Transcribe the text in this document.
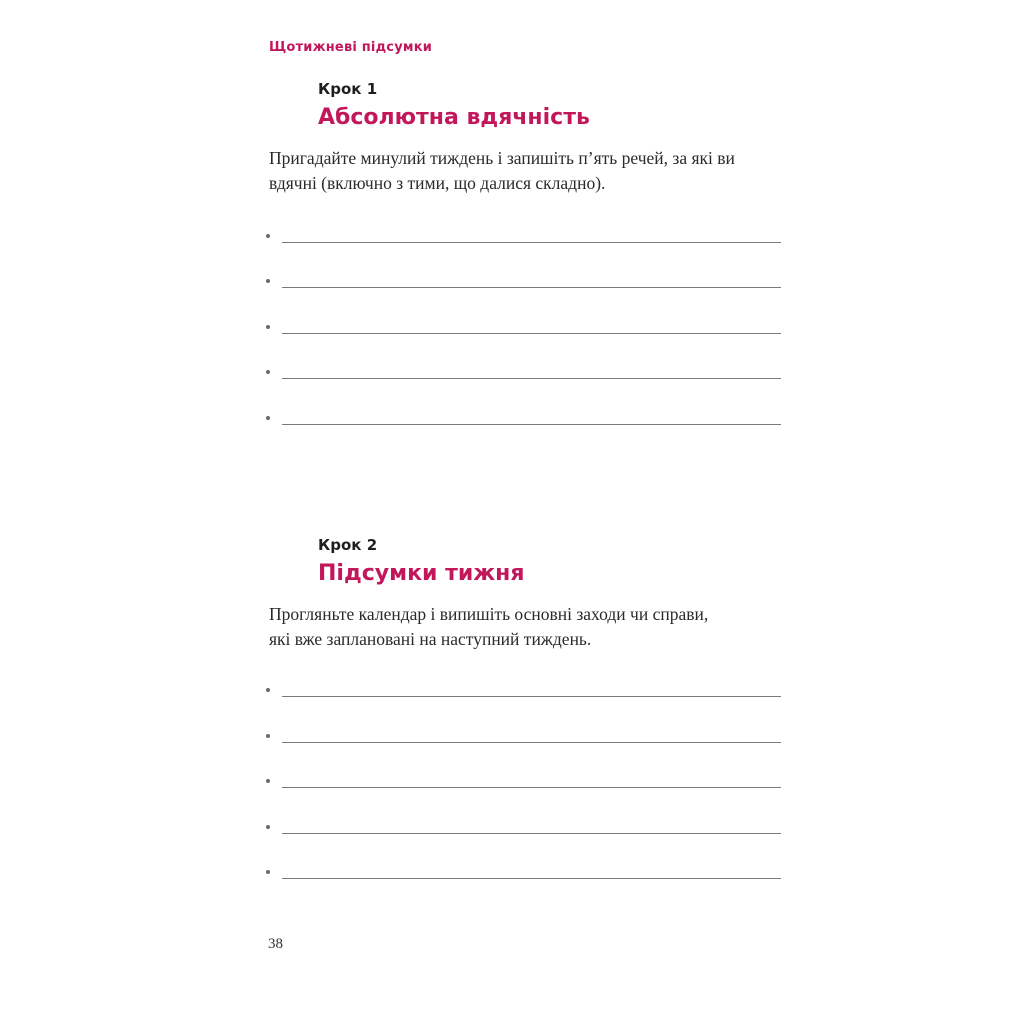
Щотижневі підсумки
Крок 1
Абсолютна вдячність
Пригадайте минулий тиждень і запишіть п’ять речей, за які ви
вдячні (включно з тими, що далися складно).
Крок 2
Підсумки тижня
Прогляньте календар і випишіть основні заходи чи справи,
які вже заплановані на наступний тиждень.
38
